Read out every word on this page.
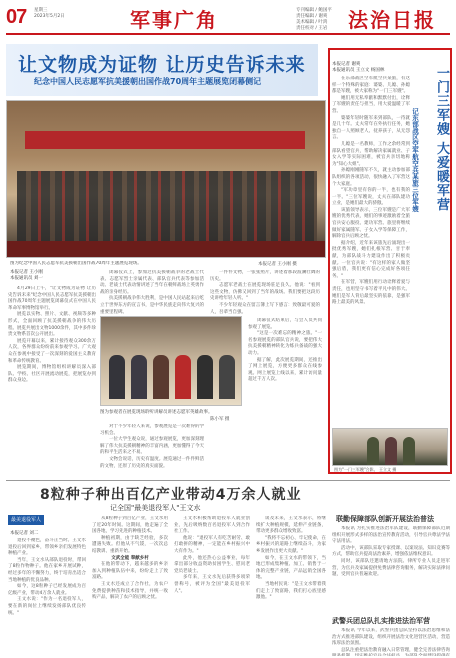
07 星期三
2023年5月2日	军事广角	专刊编辑 / 鲍国平
责任编辑 / 谢爽
美术编辑 / 叶鸿
责任校对 / 王岩 法治日报
让文物成为证物 让历史告诉未来
纪念中国人民志愿军抗美援朝出国作战70周年主题展览闭幕侧记
图为纪念中国人民志愿军抗美援朝出国作战70周年主题展览现场。	本报记者 王小刚 摄
本报记者 王小刚
本报通讯员 刘一

4月29日上午，"让文物成为证物 让历史告诉未来"纪念中国人民志愿军抗美援朝出国作战70周年主题展览闭幕仪式在中国人民革命军事博物馆举行。

展览以实物、照片、文献、视频等多种形式，全面回顾了抗美援朝战争的伟大历程。展览共展出文物1000余件，其中多件珍贵文物系首次公开展出。

展览开幕以来，累计接待观众300余万人次，各界群众纷纷前来参观学习。广大观众在参观中接受了一次深刻的爱国主义教育和革命传统教育。

展览期间，博物馆组织讲解员深入部队、学校、社区开展流动展览，把展览办到群众身边。

闭幕仪式上，参加过抗美援朝战争的老战士代表、志愿军烈士亲属代表、部队官兵代表等参加活动。老战士代表动情讲述了当年在朝鲜战场上英勇作战的亲身经历。

抗美援朝战争伟大胜利，是中国人民站起来后屹立于世界东方的宣言书，是中华民族走向伟大复兴的重要里程碑。

一件件文物，一张张照片，讲述着那段波澜壮阔的历史。

志愿军老战士在展览现场驻足良久。他说："看到这些文物，仿佛又回到了当年的战场。我们要把这段历史讲给年轻人听。"

不少年轻观众在留言簿上写下感言：致敬最可爱的人，吾辈当自强。

图为参观者在展览现场聆听讲解员讲述志愿军英雄故事。
陈小军 摄

对于不少年轻人来说，参观展览是一次难得的学习机会。

一位大学生观众说，通过参观展览，更加深刻理解了伟大抗美援朝精神的丰富内涵，更加懂得了今天的和平生活来之不易。

文物会说话，历史有温度。展览通过一件件鲜活的文物，还原了历史的真实面貌。

闭幕仪式结束后，与会人员共同参观了展览。

"这是一次难忘的精神之旅。"一名参观展览的部队官兵说，要把伟大抗美援朝精神转化为练兵备战的强大动力。

据了解，此次展览期间，还推出了网上展览，方便更多群众在线参观。网上展览上线以来，累计访问量超过千万人次。

本报记者 谢爽
本报通讯员 王立文 杨国林	一门三军嫂 大爱暖军营
记东部战区空军航空兵某旅三位军嫂

在东部战区空军航空兵某旅，有这样一个特殊的家庭：婆婆、儿媳、孙媳都是军嫂，被大家称为"一门三军嫂"。

她们用无私奉献和默默付出，诠释了军嫂的责任与担当，用大爱温暖了军营。

婆婆年轻时随军来到部队，一待就是几十年。丈夫常年在外执行任务，她独自一人照顾老人、抚养孩子，从无怨言。

儿媳是一名教师，工作之余经常到部队看望官兵，帮助解决家属就业、子女入学等实际困难，被官兵亲切地称为"知心大姐"。

孙媳刚刚随军不久，就主动参加部队组织的各项活动，很快融入了军营这个大家庭。

"军功章里有你的一半，也有我的一半。"三位军嫂说，丈夫在部队建功立业，是她们最大的骄傲。

该旅领导表示，三位军嫂是广大军嫂的优秀代表，她们的事迹激励着全旅官兵安心服役、建功军营。旅里将继续做好家属随军、子女入学等保障工作，解除官兵后顾之忧。

据介绍，近年来该旅先后涌现出一批优秀军嫂，她们扎根军营、甘于奉献，为部队战斗力建设作出了积极贡献。一位官兵说："有这样的家人做坚强后盾，我们更有信心完成好各项任务。"

在军营，军嫂们用行动诠释着爱与责任，也用坚守书写着平凡中的伟大。她们是军人背后最坚实的依靠，是强军路上最美的风景。

图为"一门三军嫂"合影。 王立文 摄
8粒种子种出百亿产业带动4万余人就业
记全国"最美退役军人"王文水
最美退役军人
本报记者 刘二

退役不褪色，奋斗正当时。王文水退役后回到家乡，带领乡亲们发展特色种植产业。

当年，王文水从部队退役时，带回了8粒作物种子。他在家乡开展试种，经过多年的不懈努力，终于培育出适合当地种植的优良品种。

如今，这8粒种子已经发展成为百亿级产业，带动4万余人就业。

王文水说："作为一名退役军人，要在新的岗位上继续发扬部队优良传统。"

从8粒种子到百亿产业，王文水用了近20年时间。这期间，他走遍了全国各地，学习先进的种植技术。

种植初期，由于缺乏经验，多次遭遇失败。但他从不气馁，一次次总结教训、重新开始。

文武全能 奉献乡村

在他的带动下，越来越多的乡亲加入到种植队伍中来，纷纷走上了致富路。

王文水还成立了合作社，为农户免费提供种苗和技术指导，并统一收购产品，解决了农户的后顾之忧。

王文水积极帮助退役军人就业创业，先后吸纳数百名退役军人到合作社工作。

他说："退役军人有吃苦耐劳、敢打敢拼的精神，一定能在乡村振兴中大有作为。"

此外，他还热心公益事业，每年拿出部分收益资助贫困学生、慰问老党员老战士。

多年来，王文水先后获得多项荣誉称号，被评为全国"最美退役军人"。

谈及未来，王文水表示，将继续扩大种植规模，延伸产业链条，带动更多群众增收致富。

"我将不忘初心、牢记使命，在乡村振兴的道路上继续奋斗，为家乡发展作出更大贡献。"

如今，在王文水的带领下，当地已形成集种植、加工、销售于一体的完整产业链，产品远销全国各地。

当地村民说："是王文水带着我们走上了致富路，我们打心底里感激他。"

联勤保障部队创新开展法治普法

本报讯 为扎实推进法治军队建设，联勤保障部队近期组织开展形式多样的法治宣传教育活动，引导官兵尊法学法守法用法。

活动中，该部队采取专家授课、以案说法、知识竞赛等方式，帮助官兵提高法治素养，增强依法维权意识。

同时，该部队还邀请地方法院、律所专业人员走进军营，为官兵及家属提供免费法律咨询服务，解决实际法律问题，受到官兵普遍欢迎。

武警兵团总队扎实推进法治军营

本报讯 今年以来，武警兵团总队坚持以法治思维和法治方式推进部队建设，组织开展法治文化进营区活动，营造浓厚法治氛围。

总队注重把法治教育融入日常管理，健全完善法律咨询
